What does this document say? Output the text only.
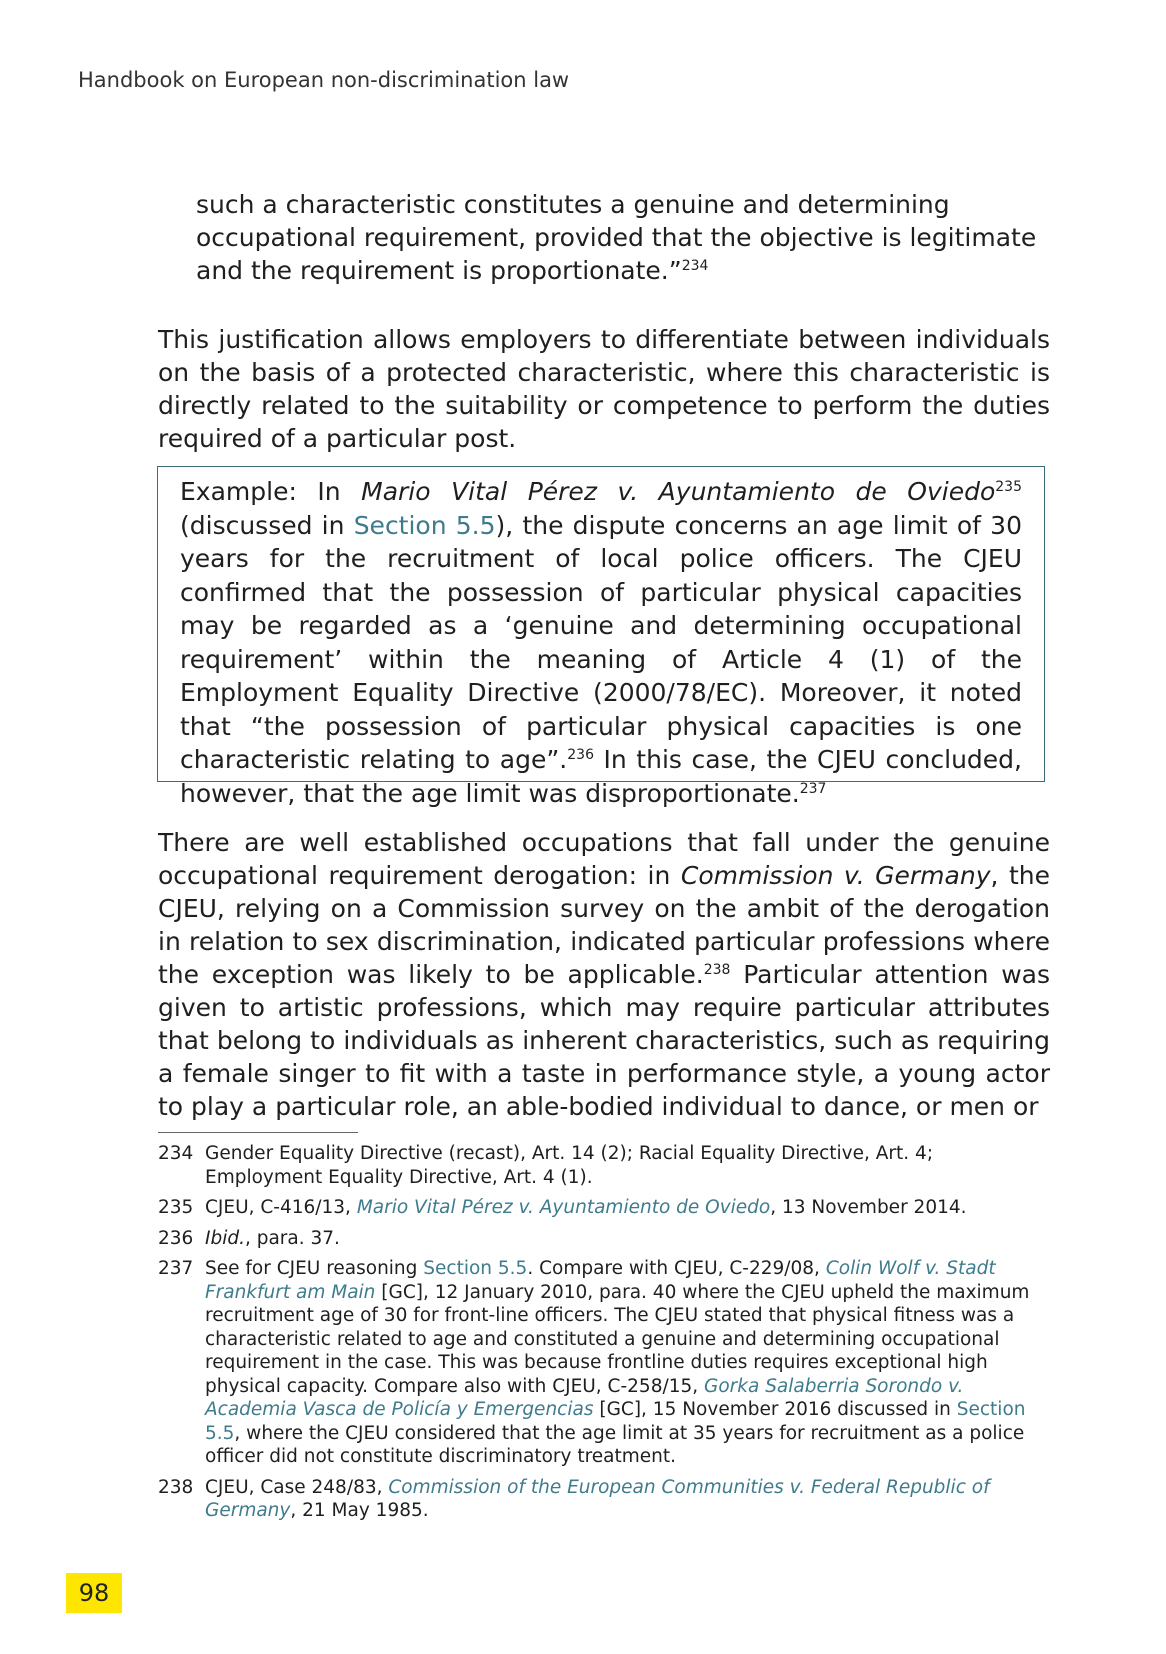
Handbook on European non-discrimination law
such a characteristic constitutes a genuine and determining occupational requirement, provided that the objective is legitimate and the requirement is proportionate.”$^{234}$
This justification allows employers to differentiate between individuals on the basis of a protected characteristic, where this characteristic is directly related to the suitability or competence to perform the duties required of a particular post.
Example: In Mario Vital Pérez v. Ayuntamiento de Oviedo$^{235}$ (discussed in Section 5.5), the dispute concerns an age limit of 30 years for the recruitment of local police officers. The CJEU confirmed that the possession of particular physical capacities may be regarded as a ‘genuine and determining occupational requirement’ within the meaning of Article 4 (1) of the Employment Equality Directive (2000/78/EC). Moreover, it noted that “the possession of particular physical capacities is one characteristic relating to age”.$^{236}$ In this case, the CJEU concluded, however, that the age limit was disproportionate.$^{237}$
There are well established occupations that fall under the genuine occupational requirement derogation: in Commission v. Germany, the CJEU, relying on a Commission survey on the ambit of the derogation in relation to sex discrimination, indicated particular professions where the exception was likely to be applicable.$^{238}$ Particular attention was given to artistic professions, which may require particular attributes that belong to individuals as inherent characteristics, such as requiring a female singer to fit with a taste in performance style, a young actor to play a particular role, an able-bodied individual to dance, or men or
234 Gender Equality Directive (recast), Art. 14 (2); Racial Equality Directive, Art. 4; Employment Equality Directive, Art. 4 (1).
235 CJEU, C-416/13, Mario Vital Pérez v. Ayuntamiento de Oviedo, 13 November 2014.
236 Ibid., para. 37.
237 See for CJEU reasoning Section 5.5. Compare with CJEU, C-229/08, Colin Wolf v. Stadt Frankfurt am Main [GC], 12 January 2010, para. 40 where the CJEU upheld the maximum recruitment age of 30 for front-line officers. The CJEU stated that physical fitness was a characteristic related to age and constituted a genuine and determining occupational requirement in the case. This was because frontline duties requires exceptional high physical capacity. Compare also with CJEU, C-258/15, Gorka Salaberria Sorondo v. Academia Vasca de Policía y Emergencias [GC], 15 November 2016 discussed in Section 5.5, where the CJEU considered that the age limit at 35 years for recruitment as a police officer did not constitute discriminatory treatment.
238 CJEU, Case 248/83, Commission of the European Communities v. Federal Republic of Germany, 21 May 1985.
98
